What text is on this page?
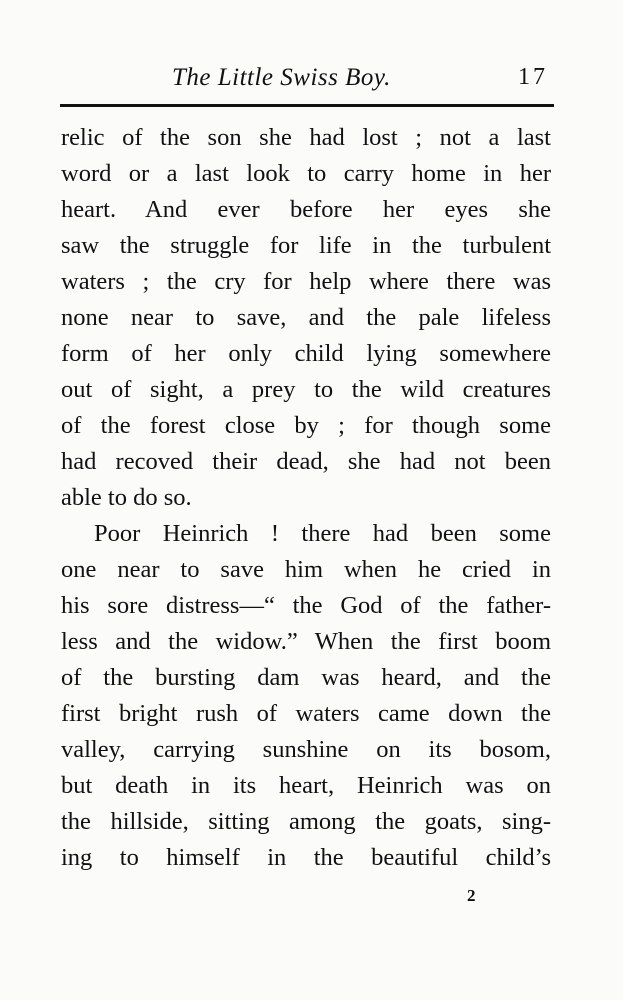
The Little Swiss Boy.	17
relic of the son she had lost ; not a last
word or a last look to carry home in her
heart. And ever before her eyes she
saw the struggle for life in the turbulent
waters ; the cry for help where there was
none near to save, and the pale lifeless
form of her only child lying somewhere
out of sight, a prey to the wild creatures
of the forest close by ; for though some
had recoved their dead, she had not been
able to do so.
Poor Heinrich ! there had been some
one near to save him when he cried in
his sore distress—“ the God of the father-
less and the widow.” When the first boom
of the bursting dam was heard, and the
first bright rush of waters came down the
valley, carrying sunshine on its bosom,
but death in its heart, Heinrich was on
the hillside, sitting among the goats, sing-
ing to himself in the beautiful child’s
2
